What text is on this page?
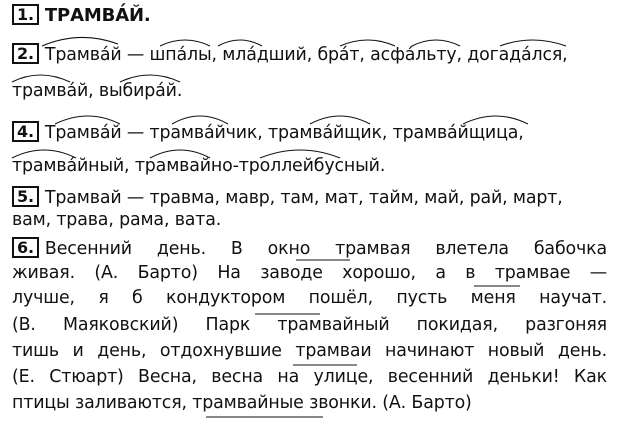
1. ТРАМВА́Й.
2. Трамва́й — шпа́лы, мла́дший, бра́т, асфа́льту, догада́лся,
трамва́й, выбира́й.
4. Трамва́й — трамва́йчик, трамва́йщик, трамва́йщица,
трамва́йный, трамвайно-троллейбусный.
5. Трамвай — травма, мавр, там, мат, тайм, май, рай, март,
вам, трава, рама, вата.
6. Весенний день. В окно трамвая влетела бабочка
живая. (А. Барто) На заводе хорошо, а в трамвае —
лучше, я б кондуктором пошёл, пусть меня научат.
(В. Маяковский) Парк трамвайный покидая, разгоняя
тишь и день, отдохнувшие трамваи начинают новый день.
(Е. Стюарт) Весна, весна на улице, весенний деньки! Как
птицы заливаются, трамвайные звонки. (А. Барто)
